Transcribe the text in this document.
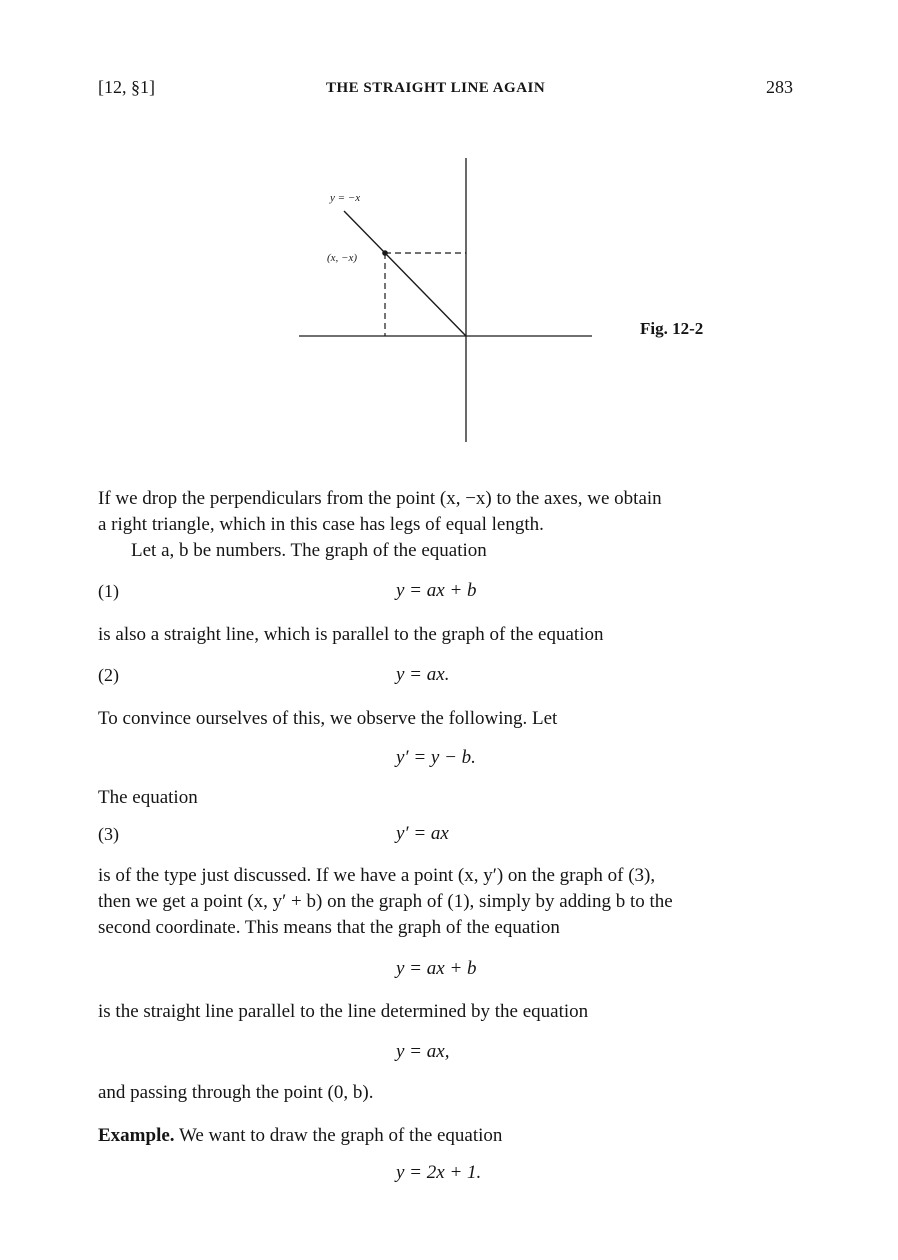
[12, §1]	THE STRAIGHT LINE AGAIN	283
y = −x
(x, −x)
Fig. 12-2
If we drop the perpendiculars from the point (x, −x) to the axes, we obtain
a right triangle, which in this case has legs of equal length.
Let a, b be numbers. The graph of the equation
(1)	y = ax + b
is also a straight line, which is parallel to the graph of the equation
(2)	y = ax.
To convince ourselves of this, we observe the following. Let
y′ = y − b.
The equation
(3)	y′ = ax
is of the type just discussed. If we have a point (x, y′) on the graph of (3),
then we get a point (x, y′ + b) on the graph of (1), simply by adding b to the
second coordinate. This means that the graph of the equation
y = ax + b
is the straight line parallel to the line determined by the equation
y = ax,
and passing through the point (0, b).
Example. We want to draw the graph of the equation
y = 2x + 1.
